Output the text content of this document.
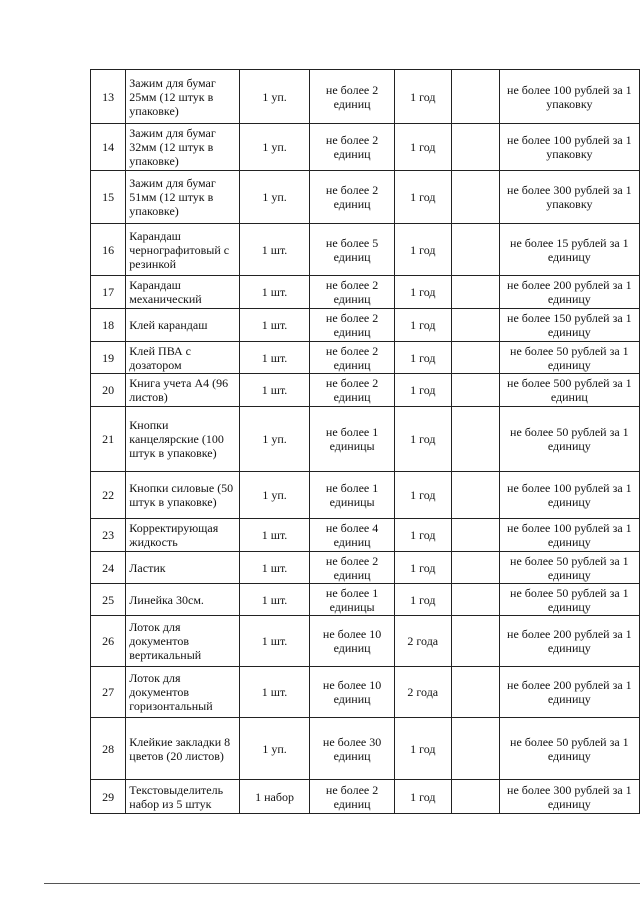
13	Зажим для бумаг 25мм (12 штук в упаковке)	1 уп.	не более 2 единиц	1 год		не более 100 рублей за 1 упаковку
14	Зажим для бумаг 32мм (12 штук в упаковке)	1 уп.	не более 2 единиц	1 год		не более 100 рублей за 1 упаковку
15	Зажим для бумаг 51мм (12 штук в упаковке)	1 уп.	не более 2 единиц	1 год		не более 300 рублей за 1 упаковку
16	Карандаш чернографитовый с резинкой	1 шт.	не более 5 единиц	1 год		не более 15 рублей за 1 единицу
17	Карандаш механический	1 шт.	не более 2 единиц	1 год		не более 200 рублей за 1 единицу
18	Клей карандаш	1 шт.	не более 2 единиц	1 год		не более 150 рублей за 1 единицу
19	Клей ПВА с дозатором	1 шт.	не более 2 единиц	1 год		не более 50 рублей за 1 единицу
20	Книга учета А4 (96 листов)	1 шт.	не более 2 единиц	1 год		не более 500 рублей за 1 единиц
21	Кнопки канцелярские (100 штук в упаковке)	1 уп.	не более 1 единицы	1 год		не более 50 рублей за 1 единицу
22	Кнопки силовые (50 штук в упаковке)	1 уп.	не более 1 единицы	1 год		не более 100 рублей за 1 единицу
23	Корректирующая жидкость	1 шт.	не более 4 единиц	1 год		не более 100 рублей за 1 единицу
24	Ластик	1 шт.	не более 2 единиц	1 год		не более 50 рублей за 1 единицу
25	Линейка 30см.	1 шт.	не более 1 единицы	1 год		не более 50 рублей за 1 единицу
26	Лоток для документов вертикальный	1 шт.	не более 10 единиц	2 года		не более 200 рублей за 1 единицу
27	Лоток для документов горизонтальный	1 шт.	не более 10 единиц	2 года		не более 200 рублей за 1 единицу
28	Клейкие закладки 8 цветов (20 листов)	1 уп.	не более 30 единиц	1 год		не более 50 рублей за 1 единицу
29	Текстовыделитель набор из 5 штук	1 набор	не более 2 единиц	1 год		не более 300 рублей за 1 единицу
